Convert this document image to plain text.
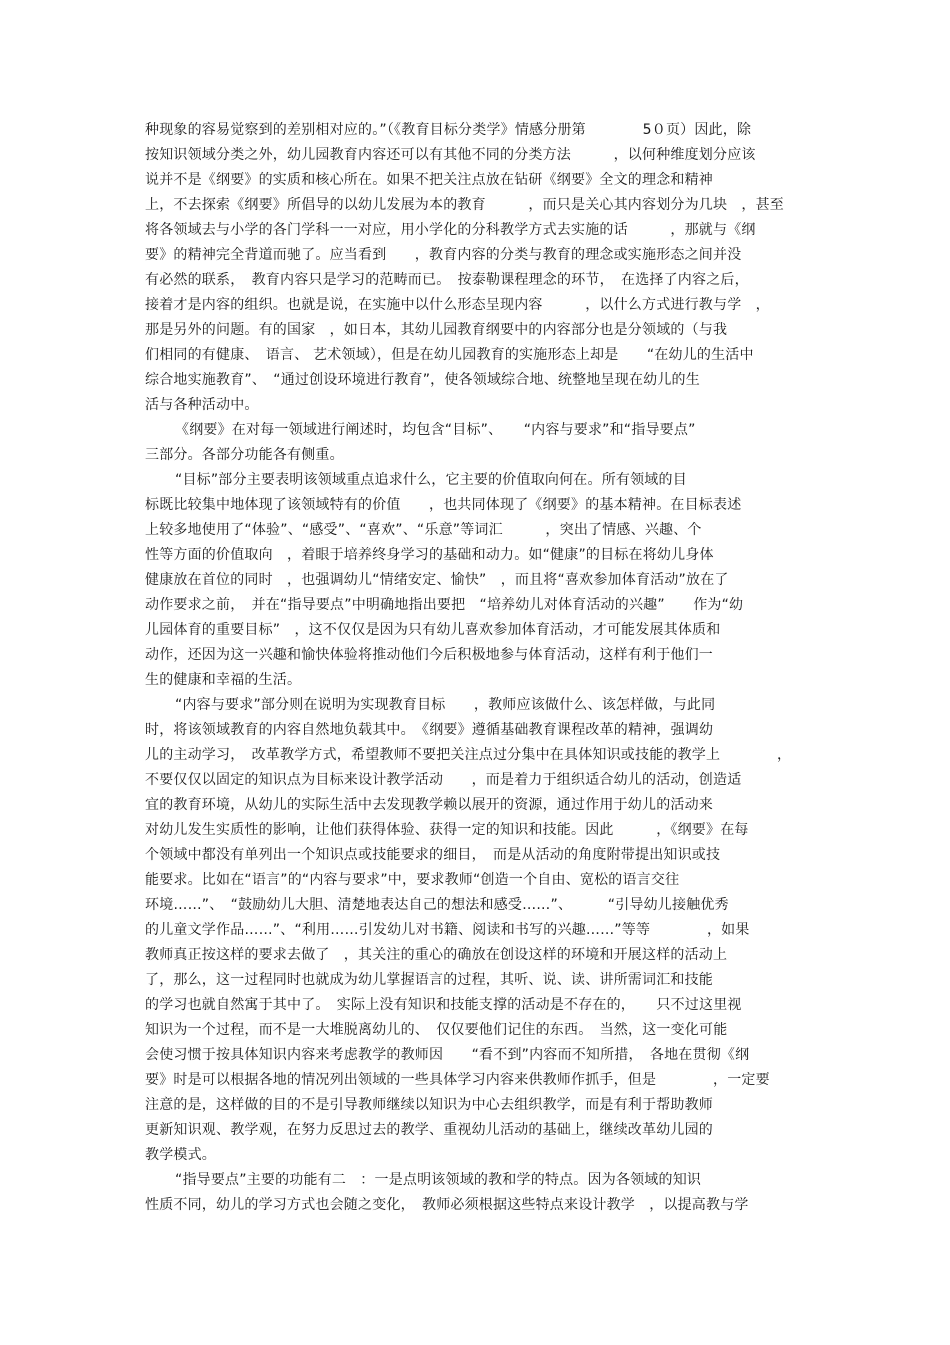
种现象的容易觉察到的差别相对应的。”（《教育目标分类学》情感分册第　　　　5０页）因此，除
按知识领域分类之外，幼儿园教育内容还可以有其他不同的分类方法　　　，以何种维度划分应该
说并不是《纲要》的实质和核心所在。如果不把关注点放在钻研《纲要》全文的理念和精神
上，不去探索《纲要》所倡导的以幼儿发展为本的教育　　　，而只是关心其内容划分为几块　，甚至
将各领域去与小学的各门学科一一对应，用小学化的分科教学方式去实施的话　　　，那就与《纲
要》的精神完全背道而驰了。应当看到　　，教育内容的分类与教育的理念或实施形态之间并没
有必然的联系，　教育内容只是学习的范畴而已。　按泰勒课程理念的环节，　在选择了内容之后，
接着才是内容的组织。也就是说，在实施中以什么形态呈现内容　　　，以什么方式进行教与学　，
那是另外的问题。有的国家　，如日本，其幼儿园教育纲要中的内容部分也是分领域的（与我
们相同的有健康、　语言、 艺术领域），但是在幼儿园教育的实施形态上却是　　“在幼儿的生活中
综合地实施教育”、　“通过创设环境进行教育”，使各领域综合地、统整地呈现在幼儿的生
活与各种活动中。
《纲要》在对每一领域进行阐述时，均包含“目标”、　　“内容与要求”和“指导要点”
三部分。各部分功能各有侧重。
“目标”部分主要表明该领域重点追求什么，它主要的价值取向何在。所有领域的目
标既比较集中地体现了该领域特有的价值　　，也共同体现了《纲要》的基本精神。在目标表述
上较多地使用了“体验”、“感受”、“喜欢”、“乐意”等词汇　　　，突出了情感、兴趣、个
性等方面的价值取向　，着眼于培养终身学习的基础和动力。如“健康”的目标在将幼儿身体
健康放在首位的同时　，也强调幼儿“情绪安定、愉快”　，而且将“喜欢参加体育活动”放在了
动作要求之前，　并在“指导要点”中明确地指出要把　“培养幼儿对体育活动的兴趣”　　作为“幼
儿园体育的重要目标”　，这不仅仅是因为只有幼儿喜欢参加体育活动，才可能发展其体质和
动作，还因为这一兴趣和愉快体验将推动他们今后积极地参与体育活动，这样有利于他们一
生的健康和幸福的生活。
“内容与要求”部分则在说明为实现教育目标　　，教师应该做什么、该怎样做，与此同
时，将该领域教育的内容自然地负载其中。　《纲要》遵循基础教育课程改革的精神，强调幼
儿的主动学习，　改革教学方式，希望教师不要把关注点过分集中在具体知识或技能的教学上　　　　，
不要仅仅以固定的知识点为目标来设计教学活动　　，而是着力于组织适合幼儿的活动，创造适
宜的教育环境，从幼儿的实际生活中去发现教学赖以展开的资源，通过作用于幼儿的活动来
对幼儿发生实质性的影响，让他们获得体验、获得一定的知识和技能。因此　　　，《纲要》在每
个领域中都没有单列出一个知识点或技能要求的细目，　而是从活动的角度附带提出知识或技
能要求。比如在“语言”的“内容与要求”中，要求教师“创造一个自由、宽松的语言交往
环境……”、　“鼓励幼儿大胆、清楚地表达自己的想法和感受……”、　　　“引导幼儿接触优秀
的儿童文学作品……”、“利用……引发幼儿对书籍、阅读和书写的兴趣……”等等　　　　，如果
教师真正按这样的要求去做了　，其关注的重心的确放在创设这样的环境和开展这样的活动上
了，那么，这一过程同时也就成为幼儿掌握语言的过程，其听、说、读、讲所需词汇和技能
的学习也就自然寓于其中了。　实际上没有知识和技能支撑的活动是不存在的，　　只不过这里视
知识为一个过程，而不是一大堆脱离幼儿的、　仅仅要他们记住的东西。　当然，这一变化可能
会使习惯于按具体知识内容来考虑教学的教师因　　“看不到”内容而不知所措，　各地在贯彻《纲
要》时是可以根据各地的情况列出领域的一些具体学习内容来供教师作抓手，但是　　　　，一定要
注意的是，这样做的目的不是引导教师继续以知识为中心去组织教学，而是有利于帮助教师
更新知识观、教学观，在努力反思过去的教学、重视幼儿活动的基础上，继续改革幼儿园的
教学模式。
“指导要点”主要的功能有二　：一是点明该领域的教和学的特点。因为各领域的知识
性质不同，幼儿的学习方式也会随之变化，　教师必须根据这些特点来设计教学　，以提高教与学
